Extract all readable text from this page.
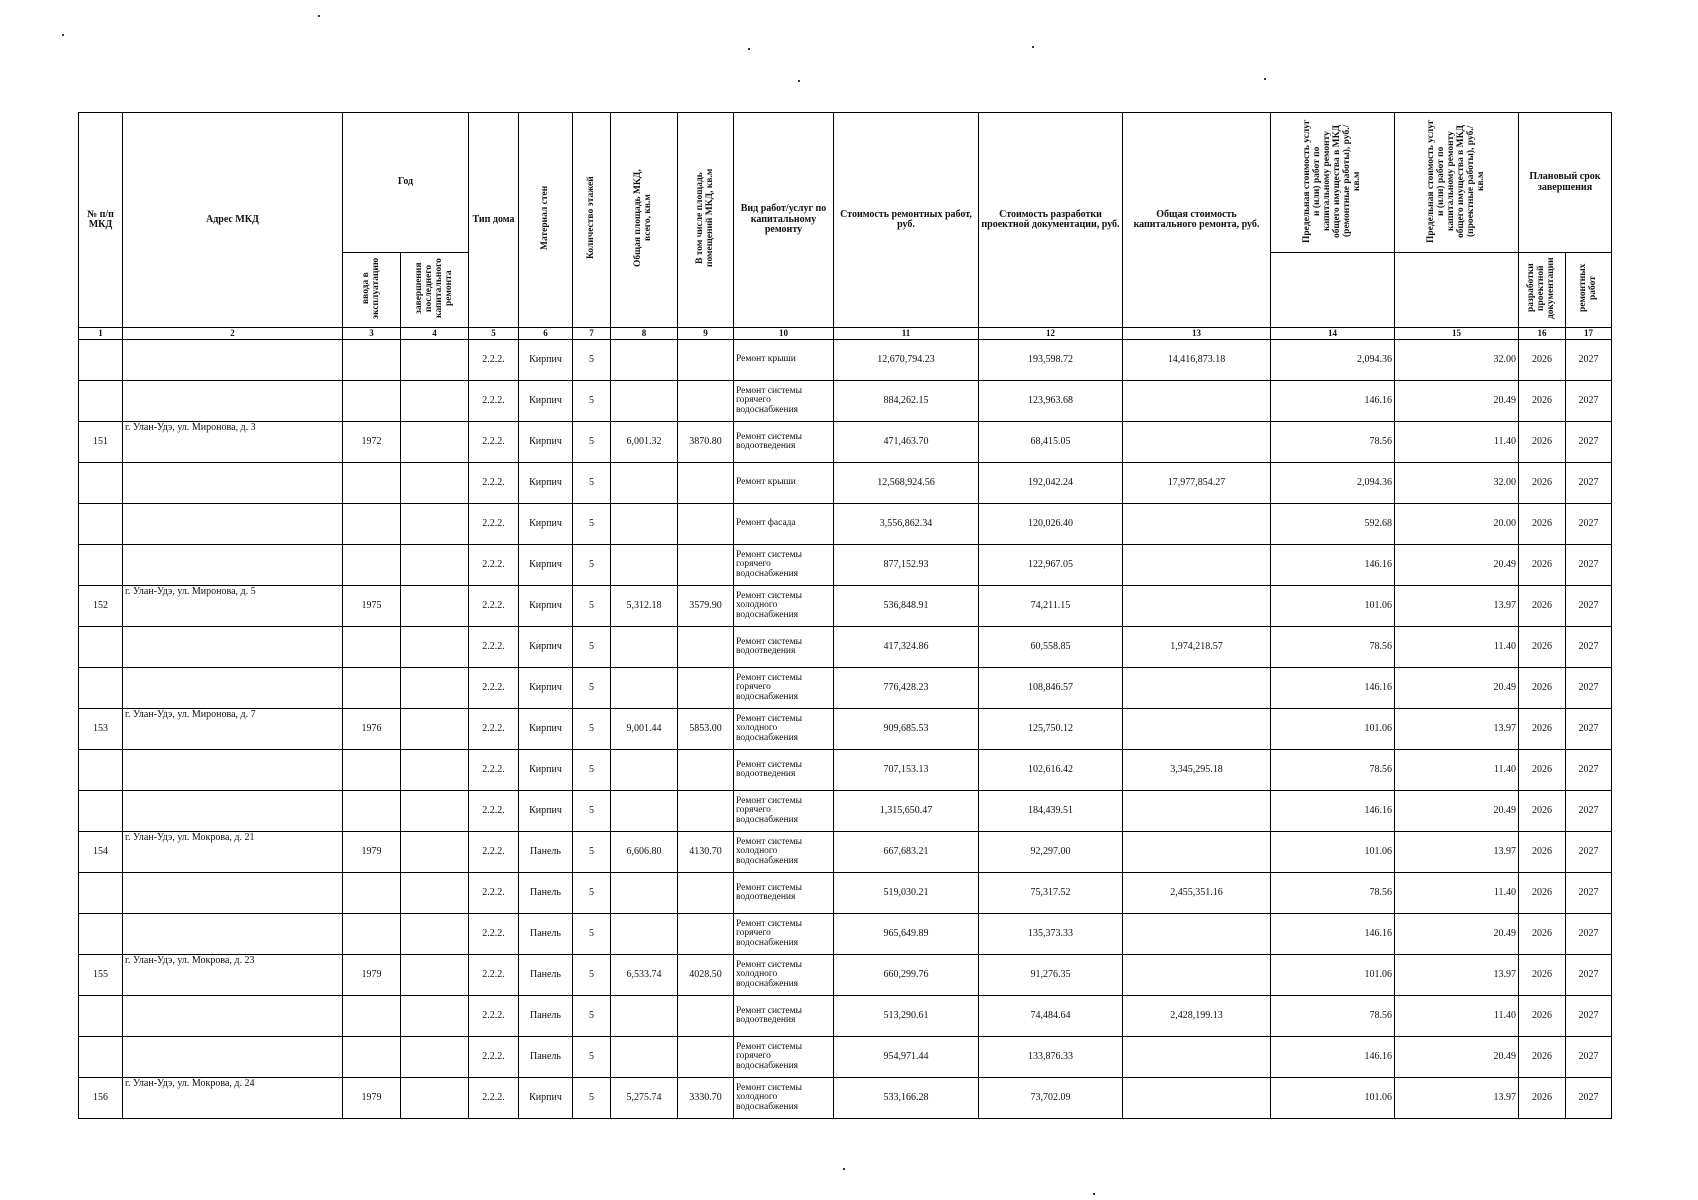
№ п/п МКД	Адрес МКД	Год		Тип дома	Материал стен	Количество этажей	Общая площадь МКД, всего, кв.м	В том числе площадь помещений МКД, кв.м	Вид работ/услуг по капитальному ремонту	Стоимость ремонтных работ, руб.	Стоимость разработки проектной документации, руб.	Общая стоимость капитального ремонта, руб.	Предельная стоимость услуг и (или) работ по капитальному ремонту общего имущества в МКД (ремонтные работы), руб./кв.м	Предельная стоимость услуг и (или) работ по капитальному ремонту общего имущества в МКД (проектные работы), руб./кв.м	Плановый срок завершения	
		ввода в эксплуатацию	завершения последнего капитального ремонта												разработки проектной документации	ремонтных работ
1	2	3	4	5	6	7	8	9	10	11	12	13	14	15	16	17
				2.2.2.	Кирпич	5			Ремонт крыши	12,670,794.23	193,598.72	14,416,873.18	2,094.36	32.00	2026	2027
				2.2.2.	Кирпич	5			Ремонт системы горячего водоснабжения	884,262.15	123,963.68		146.16	20.49	2026	2027
151	г. Улан-Удэ, ул. Миронова, д. 3	1972		2.2.2.	Кирпич	5	6,001.32	3870.80	Ремонт системы водоотведения	471,463.70	68,415.05		78.56	11.40	2026	2027
				2.2.2.	Кирпич	5			Ремонт крыши	12,568,924.56	192,042.24	17,977,854.27	2,094.36	32.00	2026	2027
				2.2.2.	Кирпич	5			Ремонт фасада	3,556,862.34	120,026.40		592.68	20.00	2026	2027
				2.2.2.	Кирпич	5			Ремонт системы горячего водоснабжения	877,152.93	122,967.05		146.16	20.49	2026	2027
152	г. Улан-Удэ, ул. Миронова, д. 5	1975		2.2.2.	Кирпич	5	5,312.18	3579.90	Ремонт системы холодного водоснабжения	536,848.91	74,211.15		101.06	13.97	2026	2027
				2.2.2.	Кирпич	5			Ремонт системы водоотведения	417,324.86	60,558.85	1,974,218.57	78.56	11.40	2026	2027
				2.2.2.	Кирпич	5			Ремонт системы горячего водоснабжения	776,428.23	108,846.57		146.16	20.49	2026	2027
153	г. Улан-Удэ, ул. Миронова, д. 7	1976		2.2.2.	Кирпич	5	9,001.44	5853.00	Ремонт системы холодного водоснабжения	909,685.53	125,750.12		101.06	13.97	2026	2027
				2.2.2.	Кирпич	5			Ремонт системы водоотведения	707,153.13	102,616.42	3,345,295.18	78.56	11.40	2026	2027
				2.2.2.	Кирпич	5			Ремонт системы горячего водоснабжения	1,315,650.47	184,439.51		146.16	20.49	2026	2027
154	г. Улан-Удэ, ул. Мокрова, д. 21	1979		2.2.2.	Панель	5	6,606.80	4130.70	Ремонт системы холодного водоснабжения	667,683.21	92,297.00		101.06	13.97	2026	2027
				2.2.2.	Панель	5			Ремонт системы водоотведения	519,030.21	75,317.52	2,455,351.16	78.56	11.40	2026	2027
				2.2.2.	Панель	5			Ремонт системы горячего водоснабжения	965,649.89	135,373.33		146.16	20.49	2026	2027
155	г. Улан-Удэ, ул. Мокрова, д. 23	1979		2.2.2.	Панель	5	6,533.74	4028.50	Ремонт системы холодного водоснабжения	660,299.76	91,276.35		101.06	13.97	2026	2027
				2.2.2.	Панель	5			Ремонт системы водоотведения	513,290.61	74,484.64	2,428,199.13	78.56	11.40	2026	2027
				2.2.2.	Панель	5			Ремонт системы горячего водоснабжения	954,971.44	133,876.33		146.16	20.49	2026	2027
156	г. Улан-Удэ, ул. Мокрова, д. 24	1979		2.2.2.	Кирпич	5	5,275.74	3330.70	Ремонт системы холодного водоснабжения	533,166.28	73,702.09		101.06	13.97	2026	2027
